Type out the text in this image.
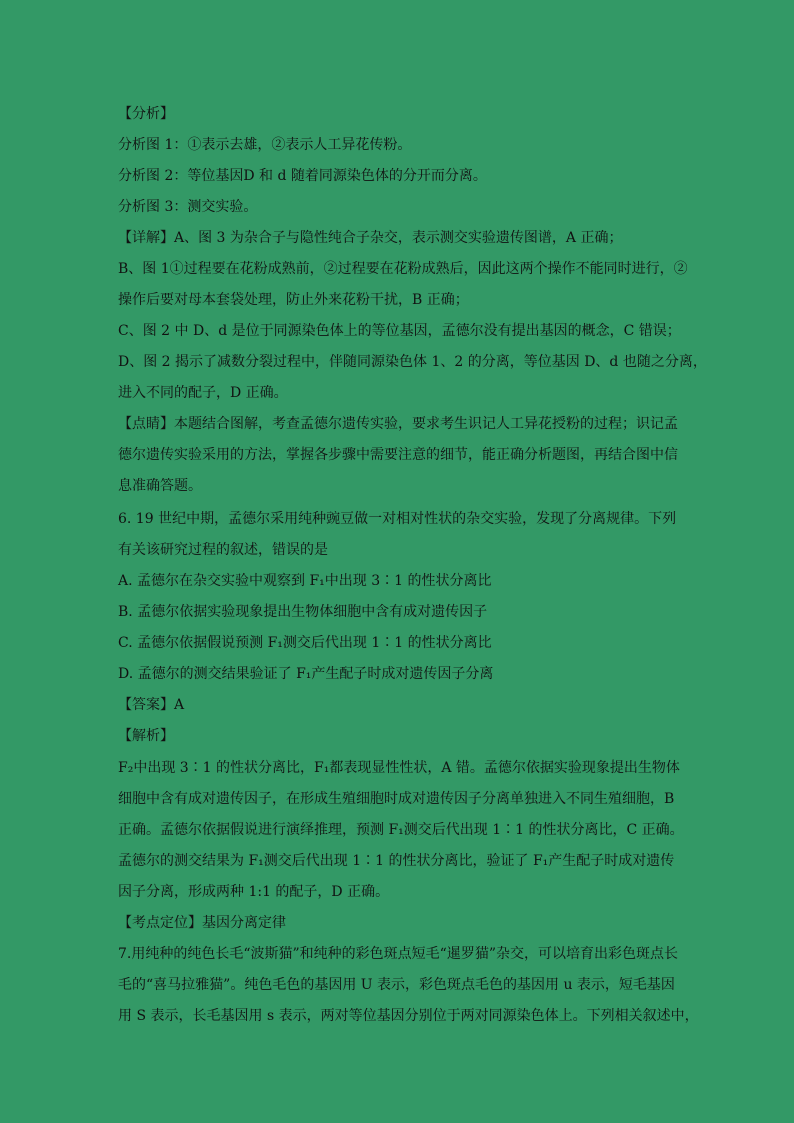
【分析】
分析图 1：①表示去雄，②表示人工异花传粉。
分析图 2：等位基因D 和 d 随着同源染色体的分开而分离。
分析图 3：测交实验。
【详解】A、图 3 为杂合子与隐性纯合子杂交，表示测交实验遗传图谱，A 正确；
B、图 1①过程要在花粉成熟前，②过程要在花粉成熟后，因此这两个操作不能同时进行，②
操作后要对母本套袋处理，防止外来花粉干扰，B 正确；
C、图 2 中 D、d 是位于同源染色体上的等位基因，孟德尔没有提出基因的概念，C 错误；
D、图 2 揭示了减数分裂过程中，伴随同源染色体 1、2 的分离，等位基因 D、d 也随之分离，
进入不同的配子，D 正确。
【点睛】本题结合图解，考查孟德尔遗传实验，要求考生识记人工异花授粉的过程；识记孟
德尔遗传实验采用的方法，掌握各步骤中需要注意的细节，能正确分析题图，再结合图中信
息准确答题。
6. 19 世纪中期，孟德尔采用纯种豌豆做一对相对性状的杂交实验，发现了分离规律。下列
有关该研究过程的叙述，错误的是
A. 孟德尔在杂交实验中观察到 F₁中出现 3∶1 的性状分离比
B. 孟德尔依据实验现象提出生物体细胞中含有成对遗传因子
C. 孟德尔依据假说预测 F₁测交后代出现 1∶1 的性状分离比
D. 孟德尔的测交结果验证了 F₁产生配子时成对遗传因子分离
【答案】A
【解析】
F₂中出现 3∶1 的性状分离比，F₁都表现显性性状，A 错。孟德尔依据实验现象提出生物体
细胞中含有成对遗传因子，在形成生殖细胞时成对遗传因子分离单独进入不同生殖细胞，B
正确。孟德尔依据假说进行演绎推理，预测 F₁测交后代出现 1∶1 的性状分离比，C 正确。
孟德尔的测交结果为 F₁测交后代出现 1∶1 的性状分离比，验证了 F₁产生配子时成对遗传
因子分离，形成两种 1:1 的配子，D 正确。
【考点定位】基因分离定律
7.用纯种的纯色长毛“波斯猫”和纯种的彩色斑点短毛“暹罗猫”杂交，可以培育出彩色斑点长
毛的“喜马拉雅猫”。纯色毛色的基因用 U 表示，彩色斑点毛色的基因用 u 表示，短毛基因
用 S 表示，长毛基因用 s 表示，两对等位基因分别位于两对同源染色体上。下列相关叙述中，
